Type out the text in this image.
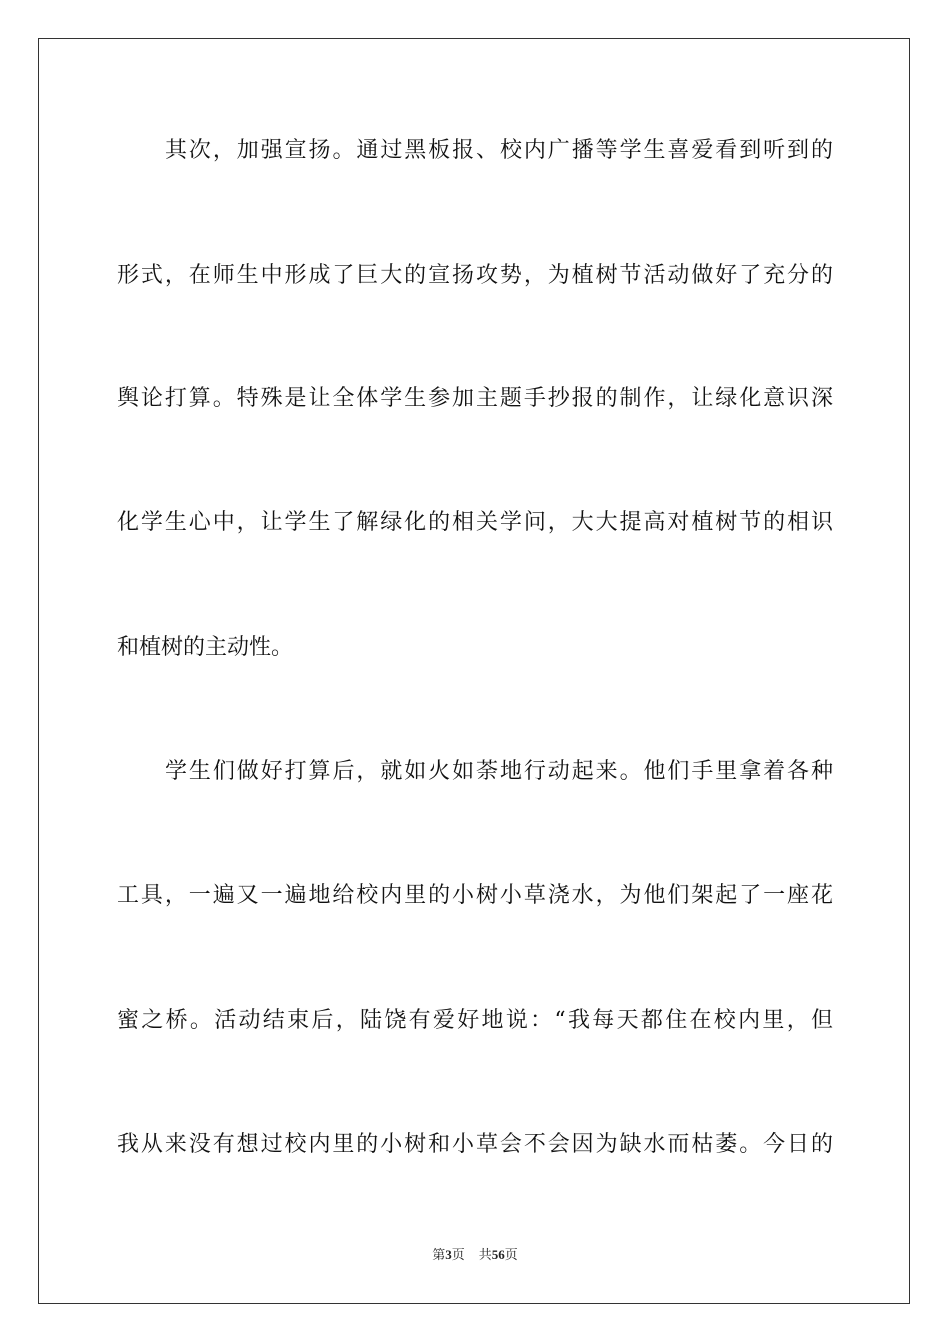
其次，加强宣扬。通过黑板报、校内广播等学生喜爱看到听到的
形式，在师生中形成了巨大的宣扬攻势，为植树节活动做好了充分的
舆论打算。特殊是让全体学生参加主题手抄报的制作，让绿化意识深
化学生心中，让学生了解绿化的相关学问，大大提高对植树节的相识
和植树的主动性。
学生们做好打算后，就如火如荼地行动起来。他们手里拿着各种
工具，一遍又一遍地给校内里的小树小草浇水，为他们架起了一座花
蜜之桥。活动结束后，陆饶有爱好地说：“我每天都住在校内里，但
我从来没有想过校内里的小树和小草会不会因为缺水而枯萎。今日的
第3页 共56页
